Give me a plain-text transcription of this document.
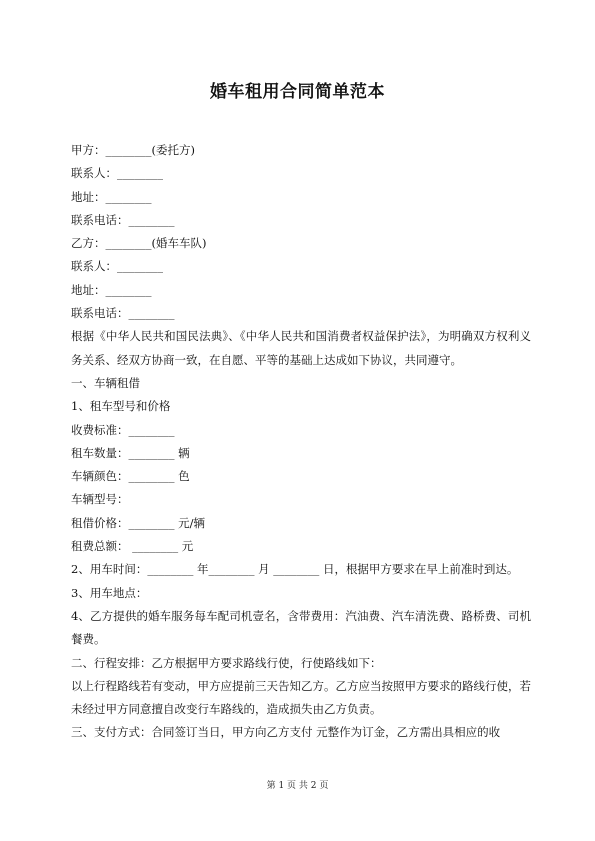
婚车租用合同简单范本
甲方：________(委托方)
联系人：________
地址：________
联系电话：________
乙方：________(婚车车队)
联系人：________
地址：________
联系电话：________
根据《中华人民共和国民法典》、《中华人民共和国消费者权益保护法》，为明确双方权利义务关系、经双方协商一致，在自愿、平等的基础上达成如下协议，共同遵守。
一、车辆租借
1、租车型号和价格
收费标准：________
租车数量：________ 辆
车辆颜色：________ 色
车辆型号：
租借价格：________ 元/辆
租费总额： ________ 元
2、用车时间：________ 年________ 月 ________ 日，根据甲方要求在早上前准时到达。
3、用车地点：
4、乙方提供的婚车服务每车配司机壹名，含带费用：汽油费、汽车清洗费、路桥费、司机餐费。
二、行程安排：乙方根据甲方要求路线行使，行使路线如下：
以上行程路线若有变动，甲方应提前三天告知乙方。乙方应当按照甲方要求的路线行使，若未经过甲方同意擅自改变行车路线的，造成损失由乙方负责。
三、支付方式：合同签订当日，甲方向乙方支付 元整作为订金，乙方需出具相应的收
第 1 页 共 2 页
